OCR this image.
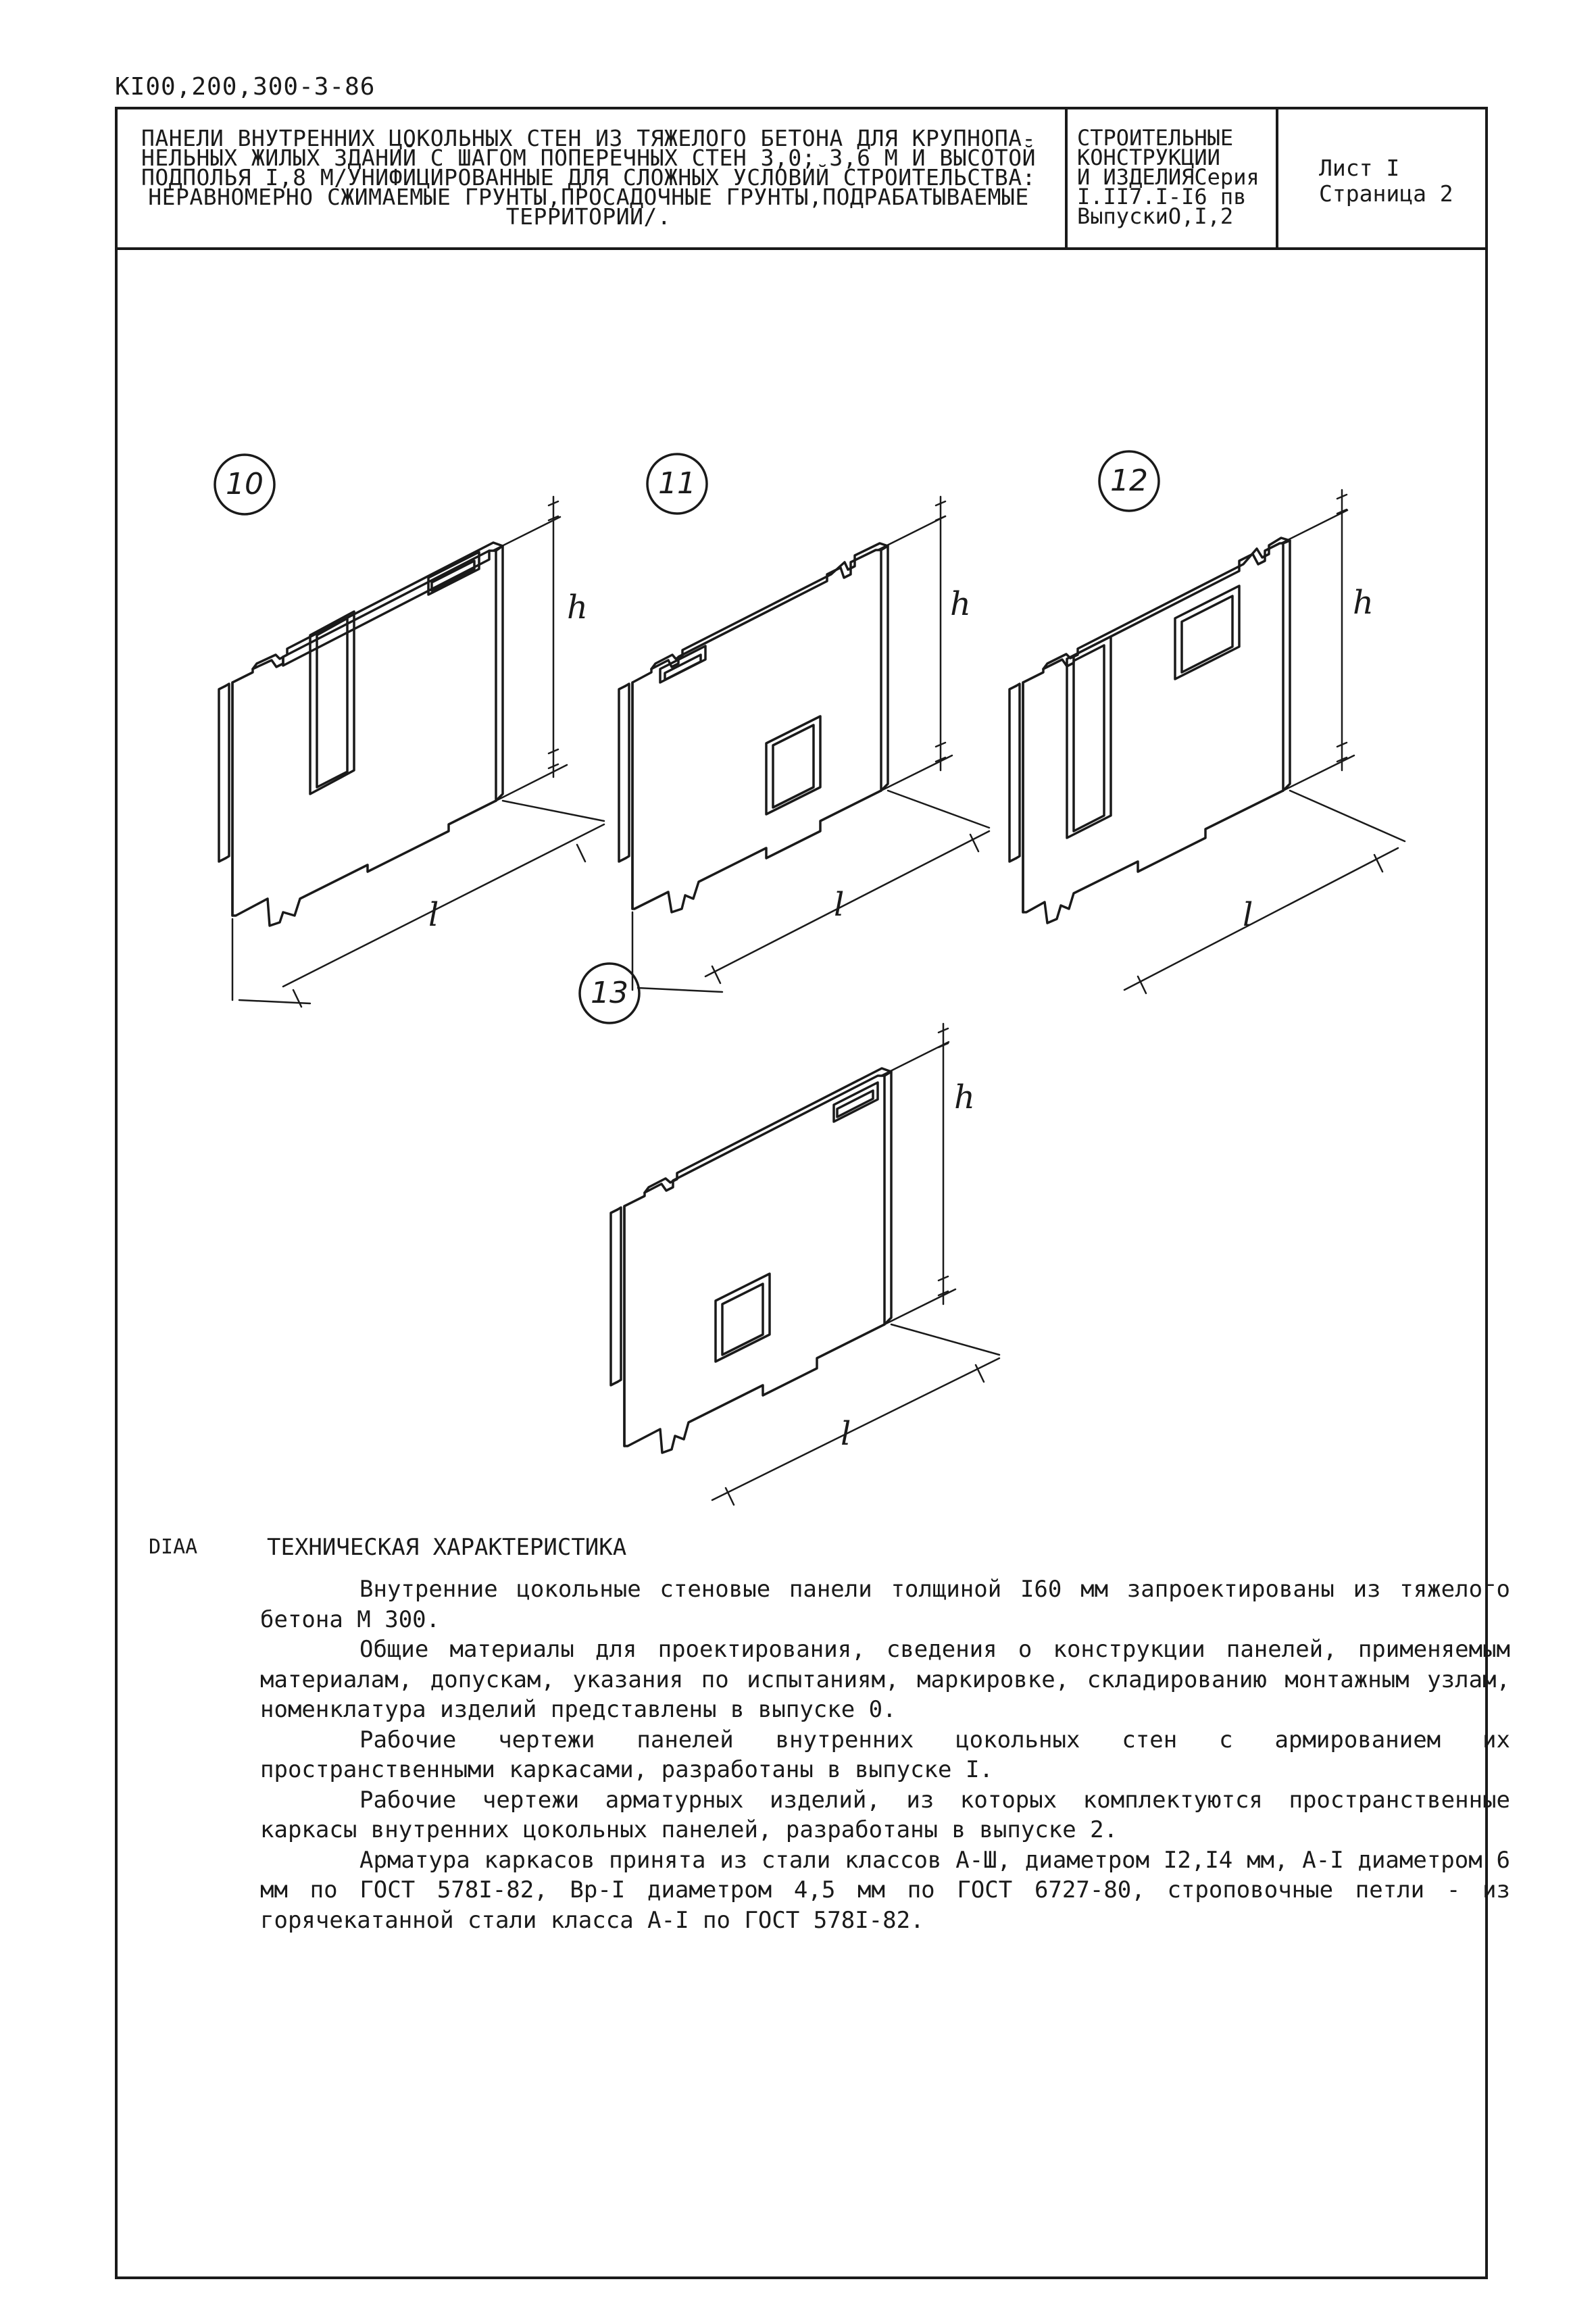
КI00,200,300-3-86
ПАНЕЛИ ВНУТРЕННИХ ЦОКОЛЬНЫХ СТЕН ИЗ ТЯЖЕЛОГО БЕТОНА ДЛЯ КРУПНОПА-НЕЛЬНЫХ ЖИЛЫХ ЗДАНИЙ С ШАГОМ ПОПЕРЕЧНЫХ СТЕН 3,0; 3,6 М И ВЫСОТОЙ ПОДПОЛЬЯ I,8 М/УНИФИЦИРОВАННЫЕ ДЛЯ СЛОЖНЫХ УСЛОВИЙ СТРОИТЕЛЬСТВА: НЕРАВНОМЕРНО СЖИМАЕМЫЕ ГРУНТЫ,ПРОСАДОЧНЫЕ ГРУНТЫ,ПОДРАБАТЫВАЕМЫЕ ТЕРРИТОРИИ/.
СТРОИТЕЛЬНЫЕ
КОНСТРУКЦИИ
И ИЗДЕЛИЯСерия
I.II7.I-I6 пв
ВыпускиО,I,2
Лист I
Страница 2
10
h
l
11
h
l
12
h
l
13
h
l
DIAA	ТЕХНИЧЕСКАЯ ХАРАКТЕРИСТИКА

Внутренние цокольные стеновые панели толщиной I60 мм запроектированы из тяжелого бетона М 300.

Общие материалы для проектирования, сведения о конструкции панелей, применяемым материалам, допускам, указания по испытаниям, маркировке, складированию монтажным узлам, номенклатура изделий представлены в выпуске 0.

Рабочие чертежи панелей внутренних цокольных стен с армированием их пространственными каркасами, разработаны в выпуске I.

Рабочие чертежи арматурных изделий, из которых комплектуются пространственные каркасы внутренних цокольных панелей, разработаны в выпуске 2.

Арматура каркасов принята из стали классов А-Ш, диаметром I2,I4 мм, А-I диаметром 6 мм по ГОСТ 578I-82, Вр-I диаметром 4,5 мм по ГОСТ 6727-80, строповочные петли - из горячекатанной стали класса А-I по ГОСТ 578I-82.
